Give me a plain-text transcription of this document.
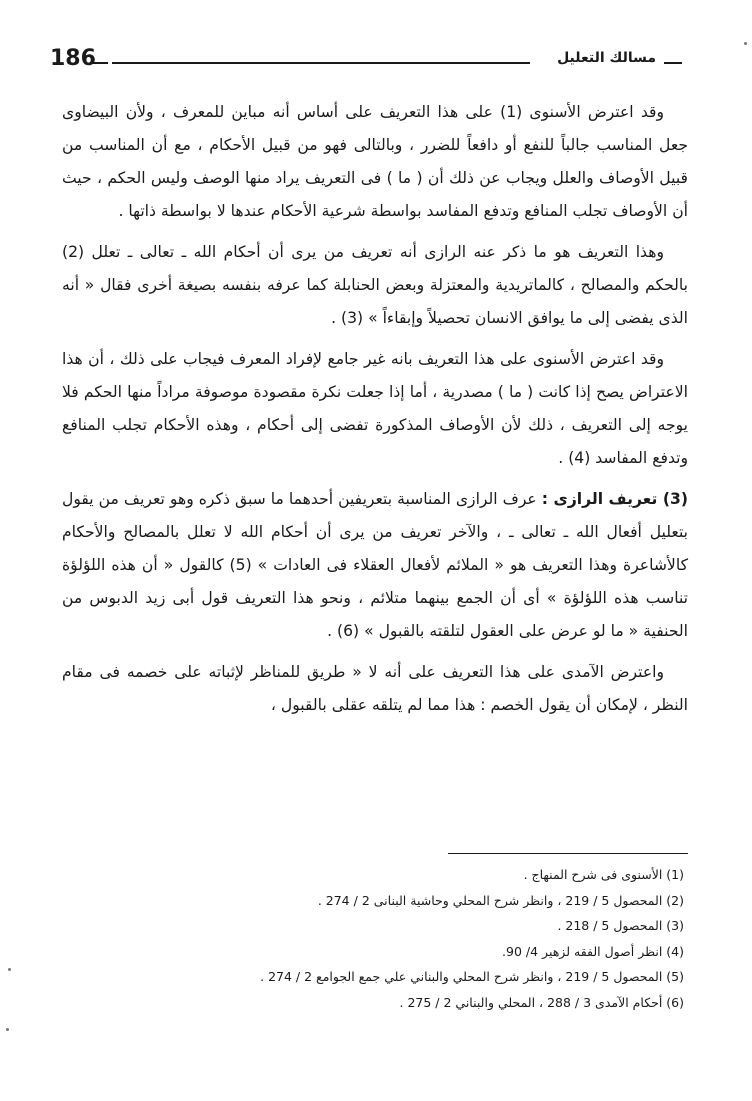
186	مسالك التعليل

وقد اعترض الأسنوى (1) على هذا التعريف على أساس أنه مباين للمعرف ، ولأن البيضاوى جعل المناسب جالباً للنفع أو دافعاً للضرر ، وبالتالى فهو من قبيل الأحكام ، مع أن المناسب من قبيل الأوصاف والعلل ويجاب عن ذلك أن ( ما ) فى التعريف يراد منها الوصف وليس الحكم ، حيث أن الأوصاف تجلب المنافع وتدفع المفاسد بواسطة شرعية الأحكام عندها لا بواسطة ذاتها .

وهذا التعريف هو ما ذكر عنه الرازى أنه تعريف من يرى أن أحكام الله ـ تعالى ـ تعلل (2) بالحكم والمصالح ، كالماتريدية والمعتزلة وبعض الحنابلة كما عرفه بنفسه بصيغة أخرى فقال « أنه الذى يفضى إلى ما يوافق الانسان تحصيلاً وإبقاءاً » (3) .

وقد اعترض الأسنوى على هذا التعريف بانه غير جامع لإفراد المعرف فيجاب على ذلك ، أن هذا الاعتراض يصح إذا كانت ( ما ) مصدرية ، أما إذا جعلت نكرة مقصودة موصوفة مراداً منها الحكم فلا يوجه إلى التعريف ، ذلك لأن الأوصاف المذكورة تفضى إلى أحكام ، وهذه الأحكام تجلب المنافع وتدفع المفاسد (4) .

(3) تعريف الرازى : عرف الرازى المناسبة بتعريفين أحدهما ما سبق ذكره وهو تعريف من يقول بتعليل أفعال الله ـ تعالى ـ ، والآخر تعريف من يرى أن أحكام الله لا تعلل بالمصالح والأحكام كالأشاعرة وهذا التعريف هو « الملائم لأفعال العقلاء فى العادات » (5) كالقول « أن هذه اللؤلؤة تناسب هذه اللؤلؤة » أى أن الجمع بينهما متلائم ، ونحو هذا التعريف قول أبى زيد الدبوس من الحنفية « ما لو عرض على العقول لتلقته بالقبول » (6) .

واعترض الآمدى على هذا التعريف على أنه لا « طريق للمناظر لإثباته على خصمه فى مقام النظر ، لإمكان أن يقول الخصم : هذا مما لم يتلقه عقلى بالقبول ،

(1) الأسنوى فى شرح المنهاج .
(2) المحصول 5 / 219 ، وانظر شرح المحلي وحاشية البنانى 2 / 274 .
(3) المحصول 5 / 218 .
(4) انظر أصول الفقه لزهير 4/ 90.
(5) المحصول 5 / 219 ، وانظر شرح المحلي والبناني علي جمع الجوامع 2 / 274 .
(6) أحكام الآمدى 3 / 288 ، المحلي والبناني 2 / 275 .
